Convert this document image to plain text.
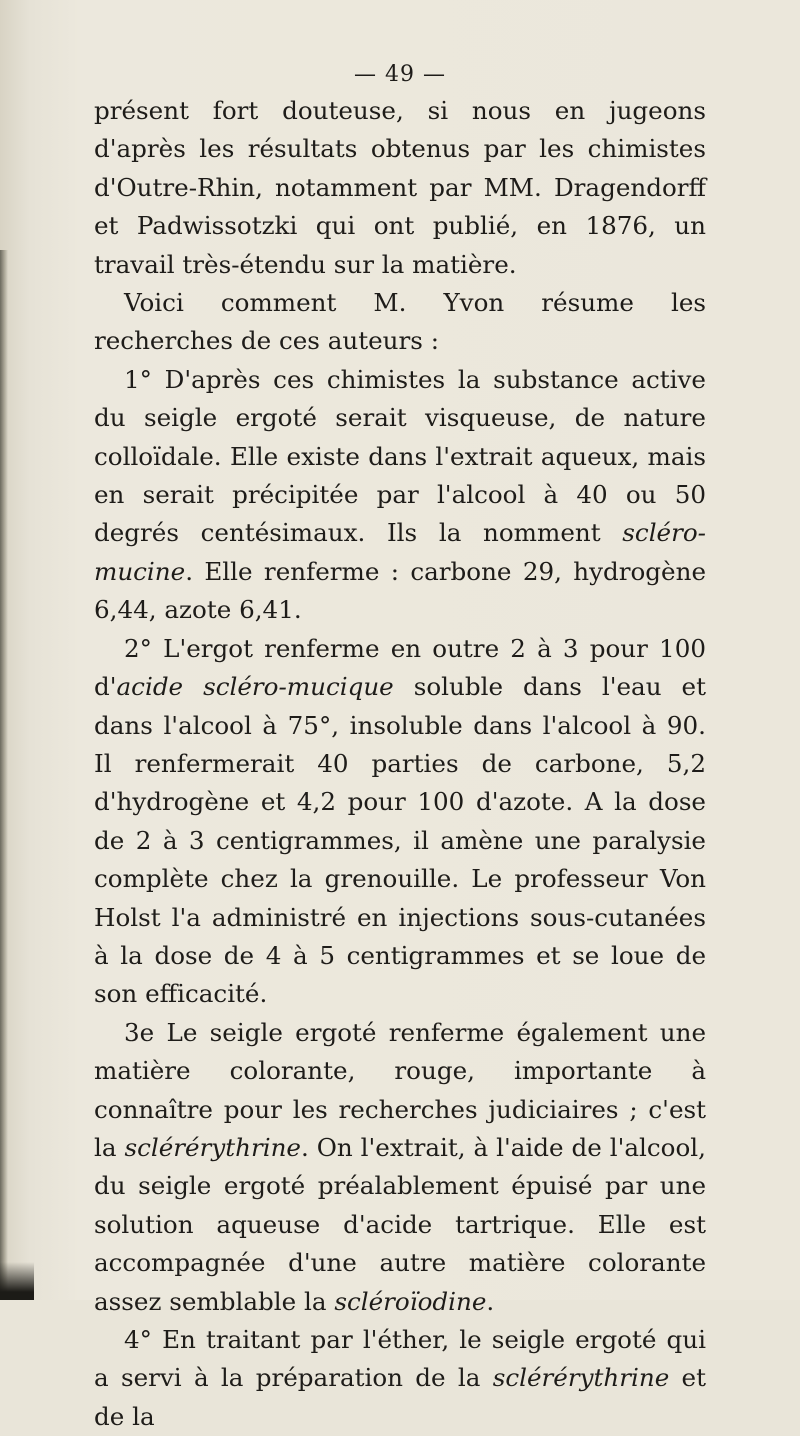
— 49 —

présent fort douteuse, si nous en jugeons d'après les résultats obtenus par les chimistes d'Outre-Rhin, notamment par MM. Dragendorff et Padwissotzki qui ont publié, en 1876, un travail très-étendu sur la matière.

Voici comment M. Yvon résume les recherches de ces auteurs :

1° D'après ces chimistes la substance active du seigle ergoté serait visqueuse, de nature colloïdale. Elle existe dans l'extrait aqueux, mais en serait précipitée par l'alcool à 40 ou 50 degrés centésimaux. Ils la nomment scléro-mucine. Elle renferme : carbone 29, hydrogène 6,44, azote 6,41.

2° L'ergot renferme en outre 2 à 3 pour 100 d'acide scléro-mucique soluble dans l'eau et dans l'alcool à 75°, insoluble dans l'alcool à 90. Il renfermerait 40 parties de carbone, 5,2 d'hydrogène et 4,2 pour 100 d'azote. A la dose de 2 à 3 centigrammes, il amène une paralysie complète chez la grenouille. Le professeur Von Holst l'a administré en injections sous-cutanées à la dose de 4 à 5 centigrammes et se loue de son efficacité.

3e Le seigle ergoté renferme également une matière colorante, rouge, importante à connaître pour les recherches judiciaires ; c'est la sclérérythrine. On l'extrait, à l'aide de l'alcool, du seigle ergoté préalablement épuisé par une solution aqueuse d'acide tartrique. Elle est accompagnée d'une autre matière colorante assez semblable la scléroïodine.

4° En traitant par l'éther, le seigle ergoté qui a servi à la préparation de la sclérérythrine et de la
